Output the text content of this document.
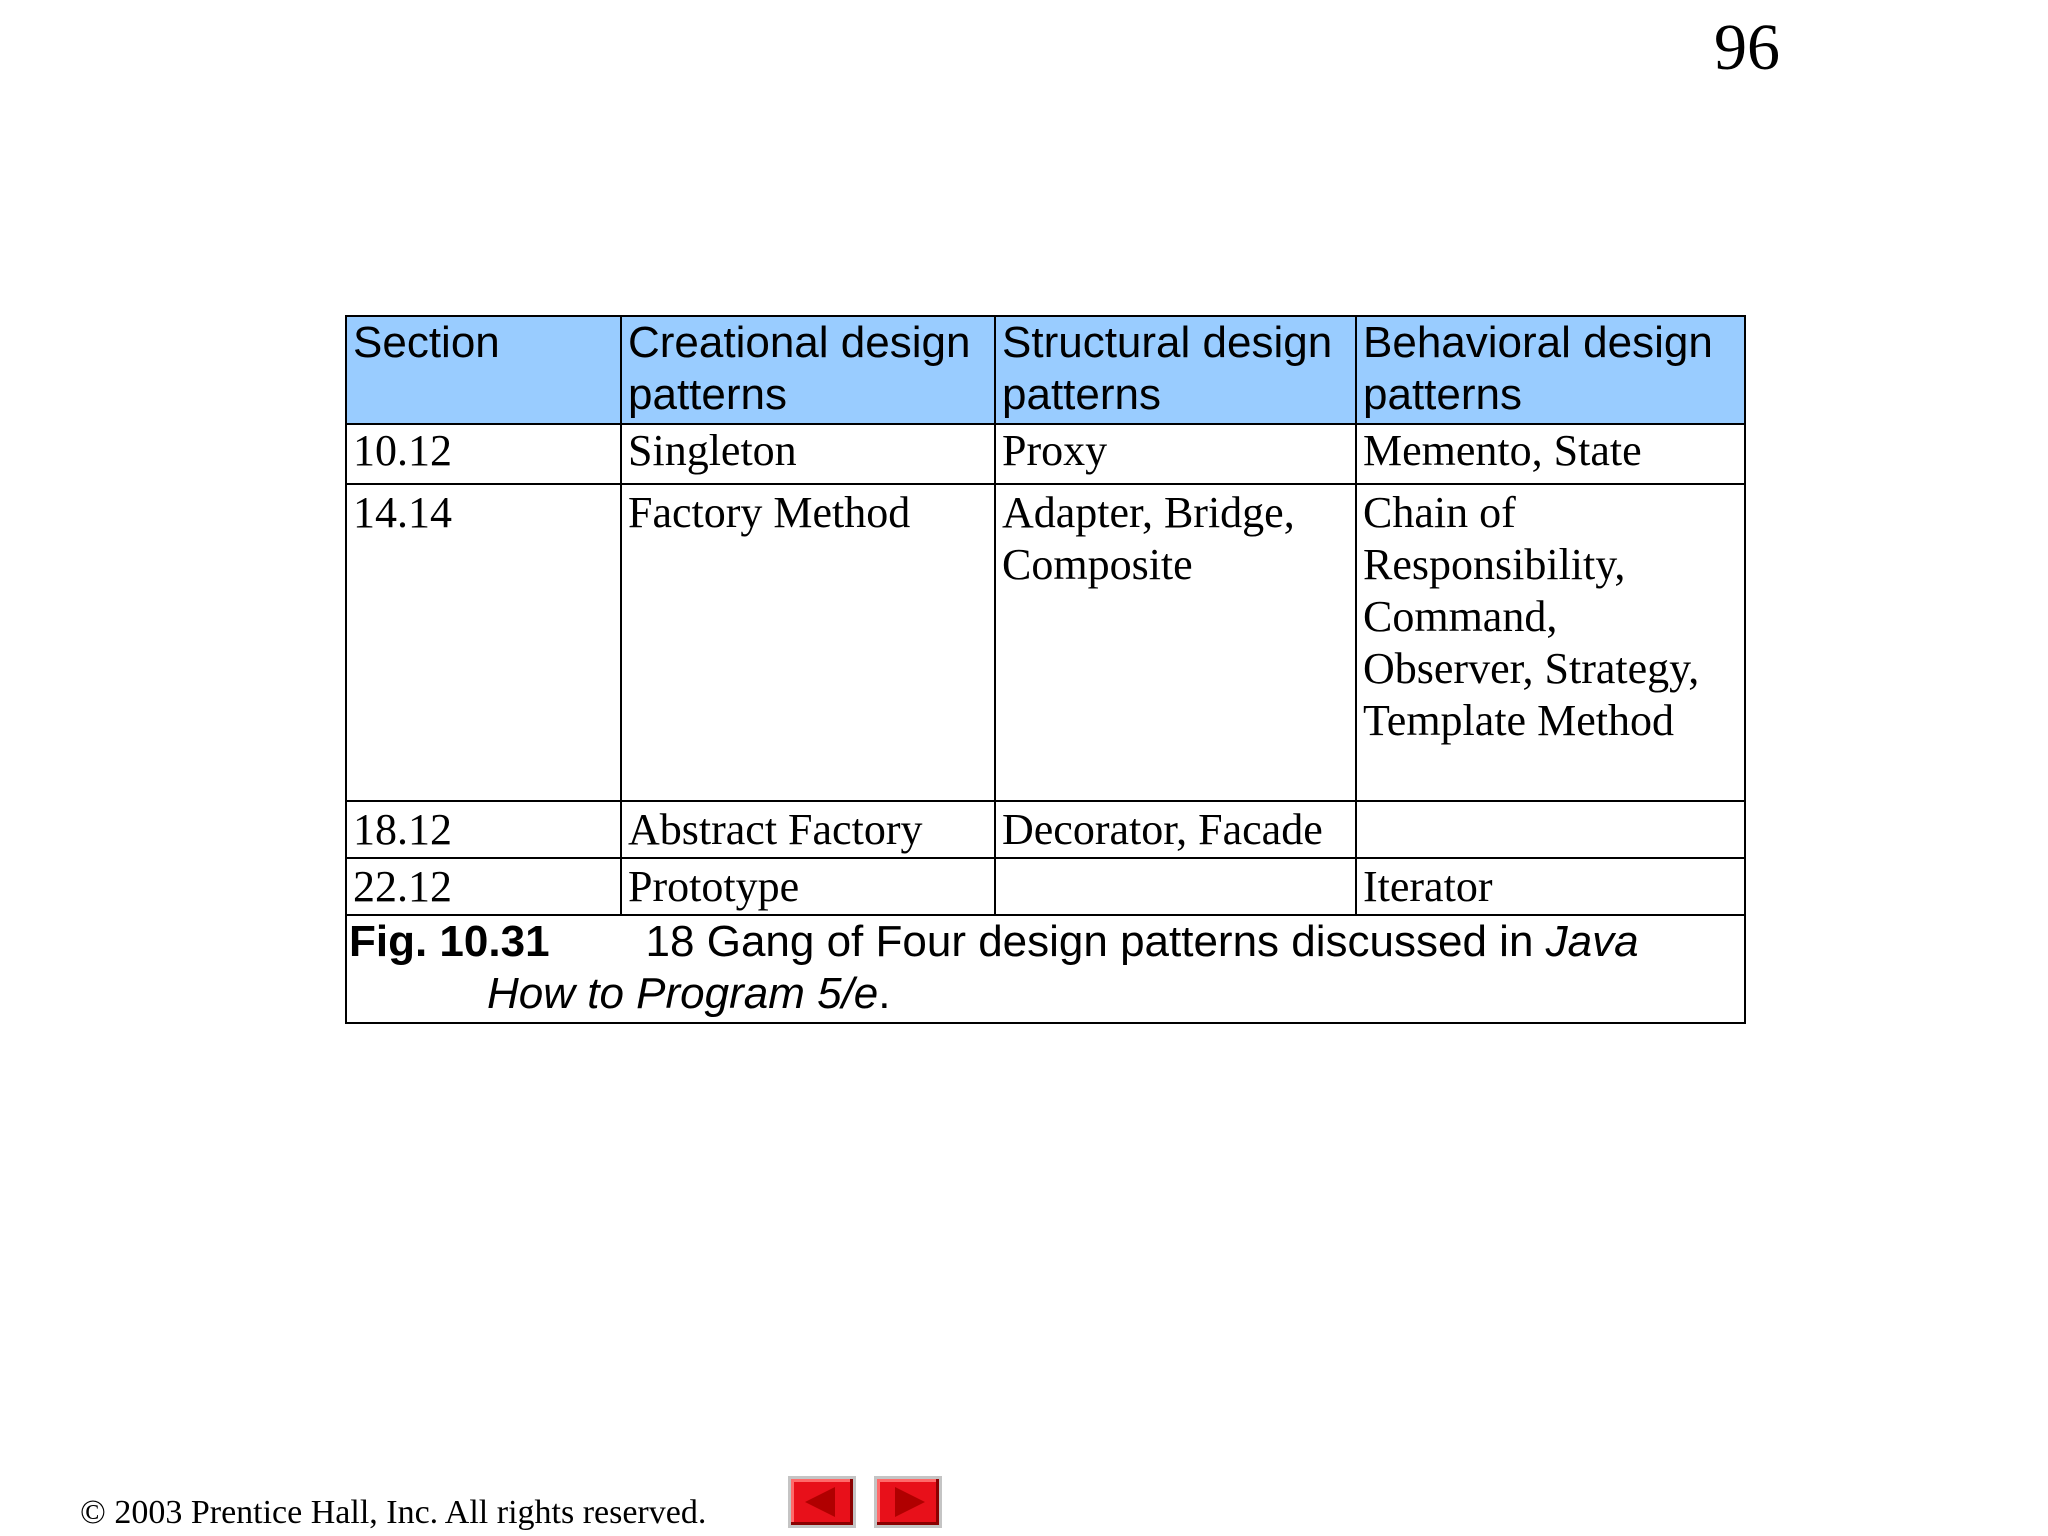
96
Section	Creational design patterns	Structural design patterns	Behavioral design patterns
10.12	Singleton	Proxy	Memento, State
14.14	Factory Method	Adapter, Bridge, Composite	Chain of Responsibility, Command, Observer, Strategy, Template Method
18.12	Abstract Factory	Decorator, Facade	
22.12	Prototype		Iterator
Fig. 10.31 18 Gang of Four design patterns discussed in Java
How to Program 5/e.			
© 2003 Prentice Hall, Inc. All rights reserved.
